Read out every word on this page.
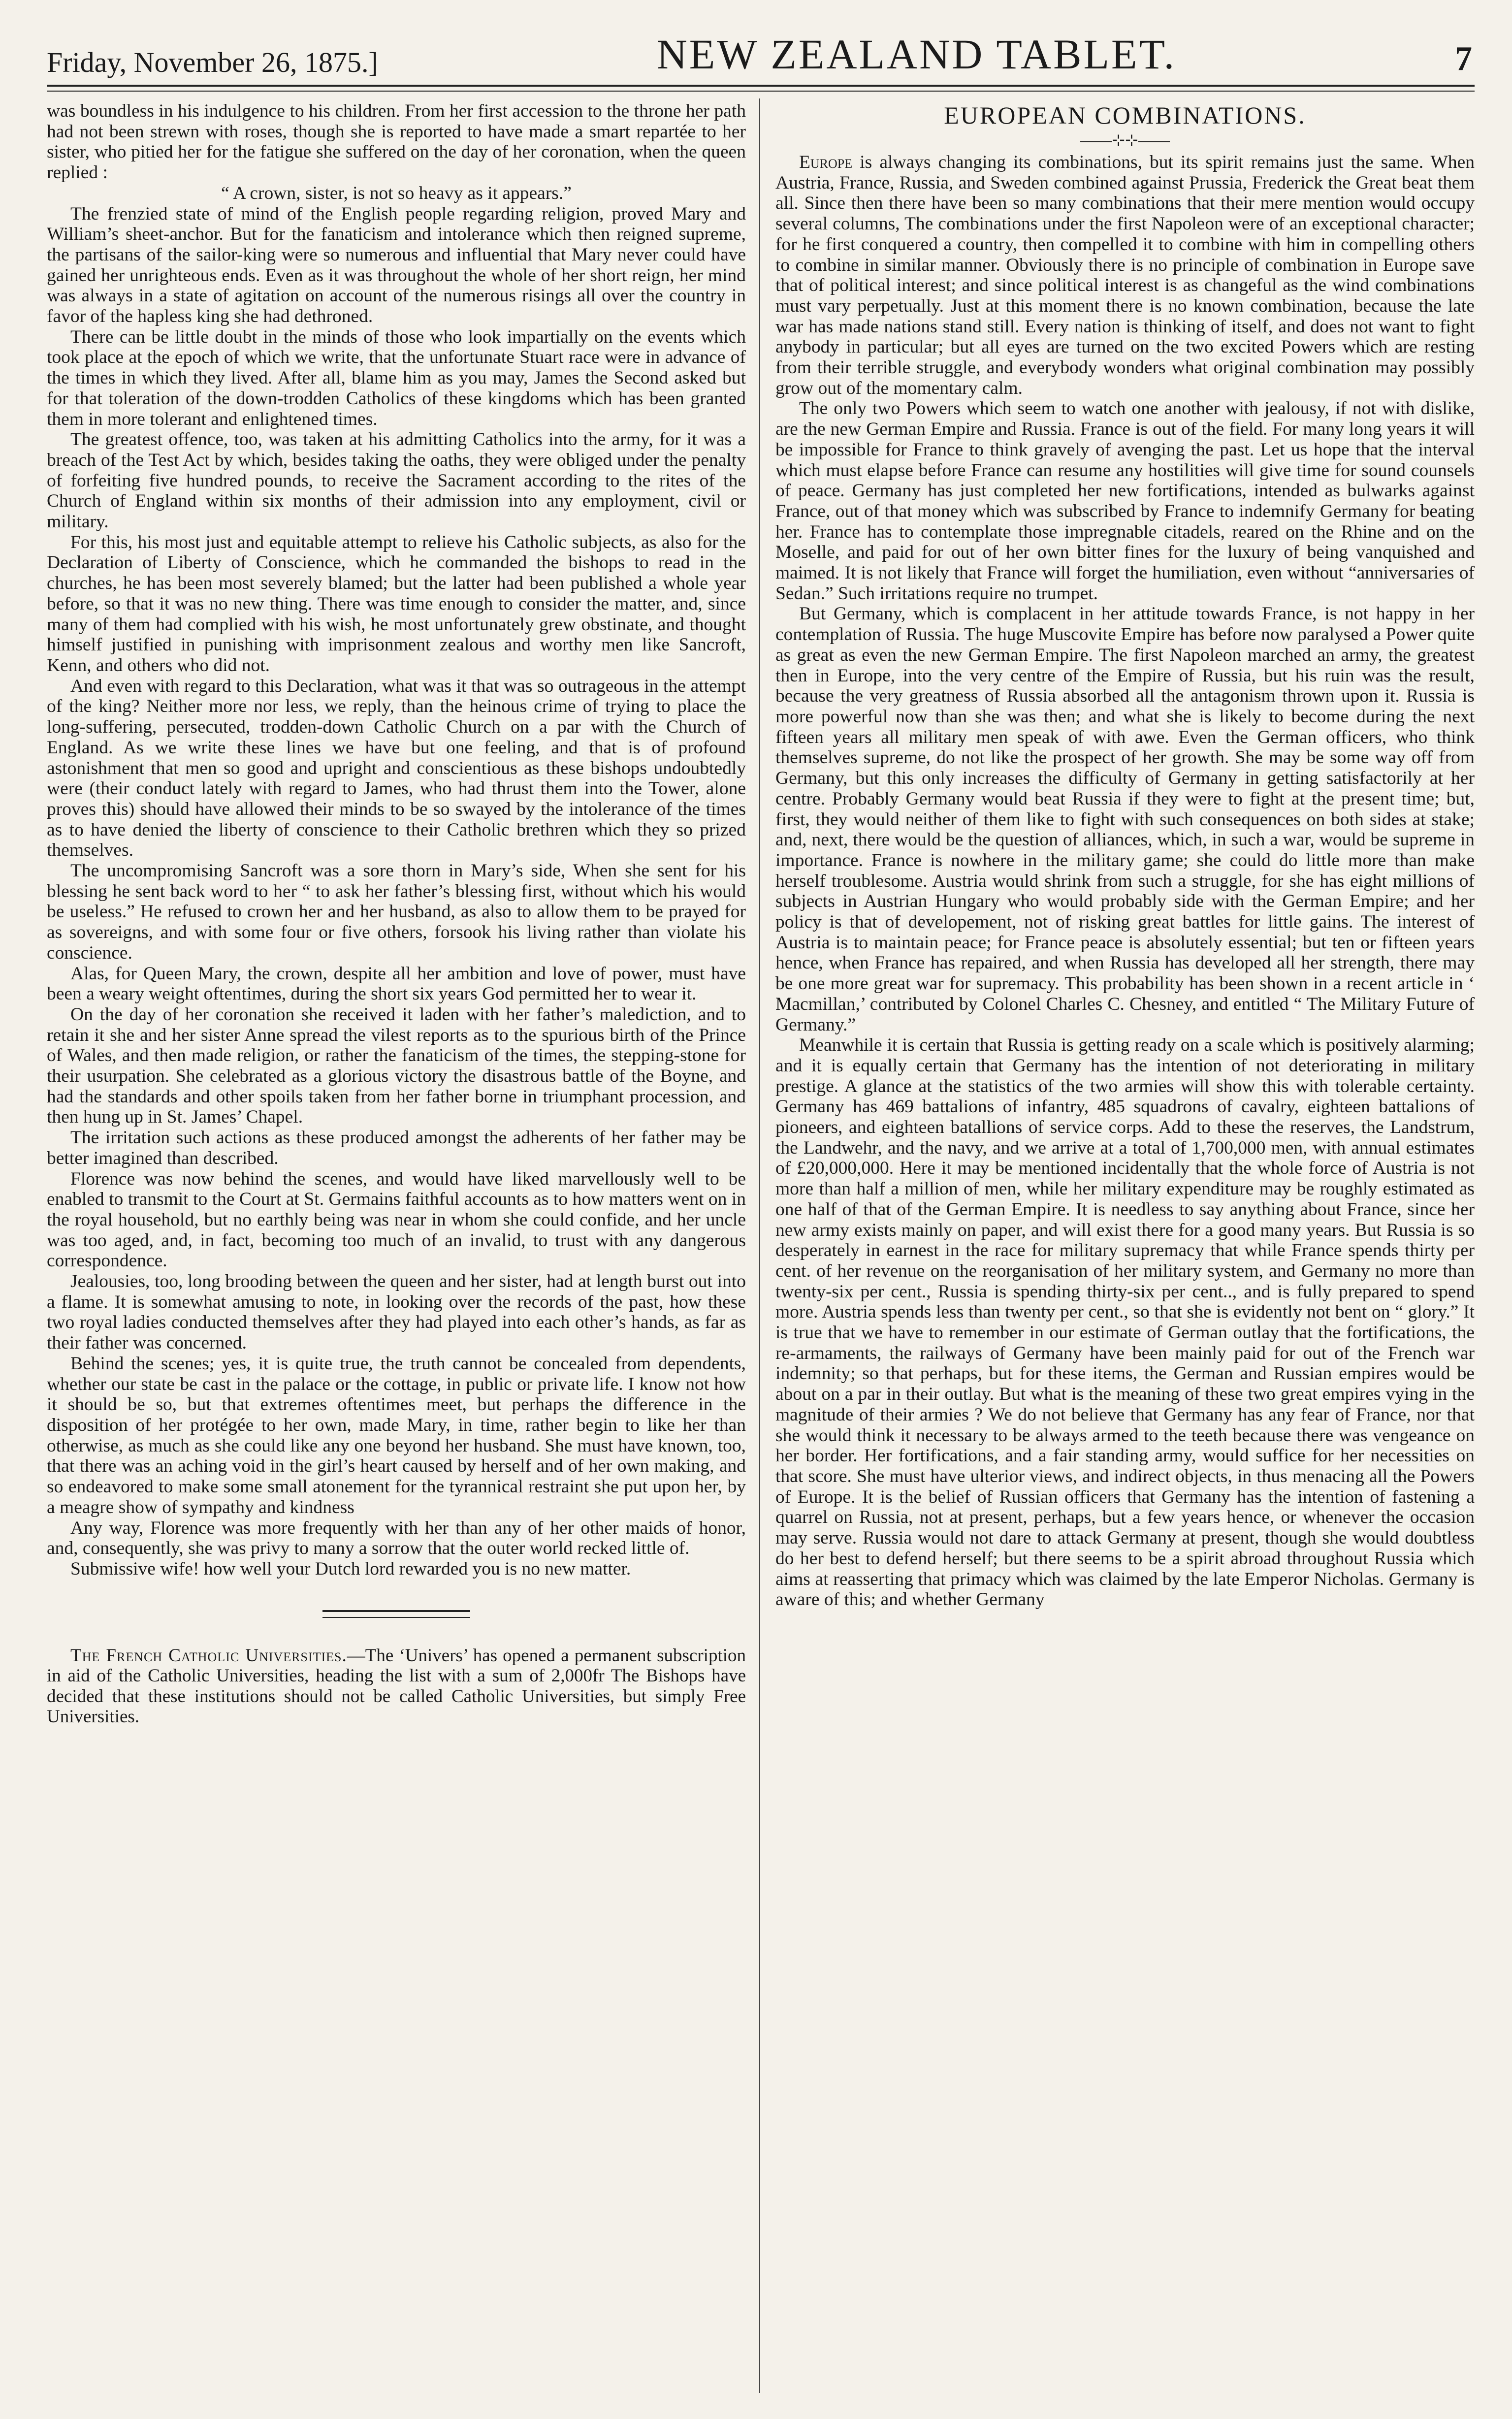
Friday, November 26, 1875.]	NEW ZEALAND TABLET.	7

was boundless in his indulgence to his children. From her first accession to the throne her path had not been strewn with roses, though she is reported to have made a smart repartée to her sister, who pitied her for the fatigue she suffered on the day of her coronation, when the queen replied :

“ A crown, sister, is not so heavy as it appears.”

The frenzied state of mind of the English people regarding religion, proved Mary and William’s sheet-anchor. But for the fanaticism and intolerance which then reigned supreme, the partisans of the sailor-king were so numerous and influential that Mary never could have gained her unrighteous ends. Even as it was throughout the whole of her short reign, her mind was always in a state of agitation on account of the numerous risings all over the country in favor of the hapless king she had dethroned.

There can be little doubt in the minds of those who look impartially on the events which took place at the epoch of which we write, that the unfortunate Stuart race were in advance of the times in which they lived. After all, blame him as you may, James the Second asked but for that toleration of the down-trodden Catholics of these kingdoms which has been granted them in more tolerant and enlightened times.

The greatest offence, too, was taken at his admitting Catholics into the army, for it was a breach of the Test Act by which, besides taking the oaths, they were obliged under the penalty of forfeiting five hundred pounds, to receive the Sacrament according to the rites of the Church of England within six months of their admission into any employment, civil or military.

For this, his most just and equitable attempt to relieve his Catholic subjects, as also for the Declaration of Liberty of Conscience, which he commanded the bishops to read in the churches, he has been most severely blamed; but the latter had been published a whole year before, so that it was no new thing. There was time enough to consider the matter, and, since many of them had complied with his wish, he most unfortunately grew obstinate, and thought himself justified in punishing with imprisonment zealous and worthy men like Sancroft, Kenn, and others who did not.

And even with regard to this Declaration, what was it that was so outrageous in the attempt of the king? Neither more nor less, we reply, than the heinous crime of trying to place the long-suffering, persecuted, trodden-down Catholic Church on a par with the Church of England. As we write these lines we have but one feeling, and that is of profound astonishment that men so good and upright and conscientious as these bishops undoubtedly were (their conduct lately with regard to James, who had thrust them into the Tower, alone proves this) should have allowed their minds to be so swayed by the intolerance of the times as to have denied the liberty of conscience to their Catholic brethren which they so prized themselves.

The uncompromising Sancroft was a sore thorn in Mary’s side, When she sent for his blessing he sent back word to her “ to ask her father’s blessing first, without which his would be useless.” He refused to crown her and her husband, as also to allow them to be prayed for as sovereigns, and with some four or five others, forsook his living rather than violate his conscience.

Alas, for Queen Mary, the crown, despite all her ambition and love of power, must have been a weary weight oftentimes, during the short six years God permitted her to wear it.

On the day of her coronation she received it laden with her father’s malediction, and to retain it she and her sister Anne spread the vilest reports as to the spurious birth of the Prince of Wales, and then made religion, or rather the fanaticism of the times, the stepping-stone for their usurpation. She celebrated as a glorious victory the disastrous battle of the Boyne, and had the standards and other spoils taken from her father borne in triumphant procession, and then hung up in St. James’ Chapel.

The irritation such actions as these produced amongst the adherents of her father may be better imagined than described.

Florence was now behind the scenes, and would have liked marvellously well to be enabled to transmit to the Court at St. Germains faithful accounts as to how matters went on in the royal household, but no earthly being was near in whom she could confide, and her uncle was too aged, and, in fact, becoming too much of an invalid, to trust with any dangerous correspondence.

Jealousies, too, long brooding between the queen and her sister, had at length burst out into a flame. It is somewhat amusing to note, in looking over the records of the past, how these two royal ladies conducted themselves after they had played into each other’s hands, as far as their father was concerned.

Behind the scenes; yes, it is quite true, the truth cannot be concealed from dependents, whether our state be cast in the palace or the cottage, in public or private life. I know not how it should be so, but that extremes oftentimes meet, but perhaps the difference in the disposition of her protégée to her own, made Mary, in time, rather begin to like her than otherwise, as much as she could like any one beyond her husband. She must have known, too, that there was an aching void in the girl’s heart caused by herself and of her own making, and so endeavored to make some small atonement for the tyrannical restraint she put upon her, by a meagre show of sympathy and kindness

Any way, Florence was more frequently with her than any of her other maids of honor, and, consequently, she was privy to many a sorrow that the outer world recked little of.

Submissive wife! how well your Dutch lord rewarded you is no new matter.

The French Catholic Universities.—The ‘Univers’ has opened a permanent subscription in aid of the Catholic Universities, heading the list with a sum of 2,000fr The Bishops have decided that these institutions should not be called Catholic Universities, but simply Free Universities.

EUROPEAN COMBINATIONS.
——⊹⊹——

Europe is always changing its combinations, but its spirit remains just the same. When Austria, France, Russia, and Sweden combined against Prussia, Frederick the Great beat them all. Since then there have been so many combinations that their mere mention would occupy several columns, The combinations under the first Napoleon were of an exceptional character; for he first conquered a country, then compelled it to combine with him in compelling others to combine in similar manner. Obviously there is no principle of combination in Europe save that of political interest; and since political interest is as changeful as the wind combinations must vary perpetually. Just at this moment there is no known combination, because the late war has made nations stand still. Every nation is thinking of itself, and does not want to fight anybody in particular; but all eyes are turned on the two excited Powers which are resting from their terrible struggle, and everybody wonders what original combination may possibly grow out of the momentary calm.

The only two Powers which seem to watch one another with jealousy, if not with dislike, are the new German Empire and Russia. France is out of the field. For many long years it will be impossible for France to think gravely of avenging the past. Let us hope that the interval which must elapse before France can resume any hostilities will give time for sound counsels of peace. Germany has just completed her new fortifications, intended as bulwarks against France, out of that money which was subscribed by France to indemnify Germany for beating her. France has to contemplate those impregnable citadels, reared on the Rhine and on the Moselle, and paid for out of her own bitter fines for the luxury of being vanquished and maimed. It is not likely that France will forget the humiliation, even without “anniversaries of Sedan.” Such irritations require no trumpet.

But Germany, which is complacent in her attitude towards France, is not happy in her contemplation of Russia. The huge Muscovite Empire has before now paralysed a Power quite as great as even the new German Empire. The first Napoleon marched an army, the greatest then in Europe, into the very centre of the Empire of Russia, but his ruin was the result, because the very greatness of Russia absorbed all the antagonism thrown upon it. Russia is more powerful now than she was then; and what she is likely to become during the next fifteen years all military men speak of with awe. Even the German officers, who think themselves supreme, do not like the prospect of her growth. She may be some way off from Germany, but this only increases the difficulty of Germany in getting satisfactorily at her centre. Probably Germany would beat Russia if they were to fight at the present time; but, first, they would neither of them like to fight with such consequences on both sides at stake; and, next, there would be the question of alliances, which, in such a war, would be supreme in importance. France is nowhere in the military game; she could do little more than make herself troublesome. Austria would shrink from such a struggle, for she has eight millions of subjects in Austrian Hungary who would probably side with the German Empire; and her policy is that of developement, not of risking great battles for little gains. The interest of Austria is to maintain peace; for France peace is absolutely essential; but ten or fifteen years hence, when France has repaired, and when Russia has developed all her strength, there may be one more great war for supremacy. This probability has been shown in a recent article in ‘ Macmillan,’ contributed by Colonel Charles C. Chesney, and entitled “ The Military Future of Germany.”

Meanwhile it is certain that Russia is getting ready on a scale which is positively alarming; and it is equally certain that Germany has the intention of not deteriorating in military prestige. A glance at the statistics of the two armies will show this with tolerable certainty. Germany has 469 battalions of infantry, 485 squadrons of cavalry, eighteen battalions of pioneers, and eighteen batallions of service corps. Add to these the reserves, the Landstrum, the Landwehr, and the navy, and we arrive at a total of 1,700,000 men, with annual estimates of £20,000,000. Here it may be mentioned incidentally that the whole force of Austria is not more than half a million of men, while her military expenditure may be roughly estimated as one half of that of the German Empire. It is needless to say anything about France, since her new army exists mainly on paper, and will exist there for a good many years. But Russia is so desperately in earnest in the race for military supremacy that while France spends thirty per cent. of her revenue on the reorganisation of her military system, and Germany no more than twenty-six per cent., Russia is spending thirty-six per cent.., and is fully prepared to spend more. Austria spends less than twenty per cent., so that she is evidently not bent on “ glory.” It is true that we have to remember in our estimate of German outlay that the fortifications, the re-armaments, the railways of Germany have been mainly paid for out of the French war indemnity; so that perhaps, but for these items, the German and Russian empires would be about on a par in their outlay. But what is the meaning of these two great empires vying in the magnitude of their armies ? We do not believe that Germany has any fear of France, nor that she would think it necessary to be always armed to the teeth because there was vengeance on her border. Her fortifications, and a fair standing army, would suffice for her necessities on that score. She must have ulterior views, and indirect objects, in thus menacing all the Powers of Europe. It is the belief of Russian officers that Germany has the intention of fastening a quarrel on Russia, not at present, perhaps, but a few years hence, or whenever the occasion may serve. Russia would not dare to attack Germany at present, though she would doubtless do her best to defend herself; but there seems to be a spirit abroad throughout Russia which aims at reasserting that primacy which was claimed by the late Emperor Nicholas. Germany is aware of this; and whether Germany
